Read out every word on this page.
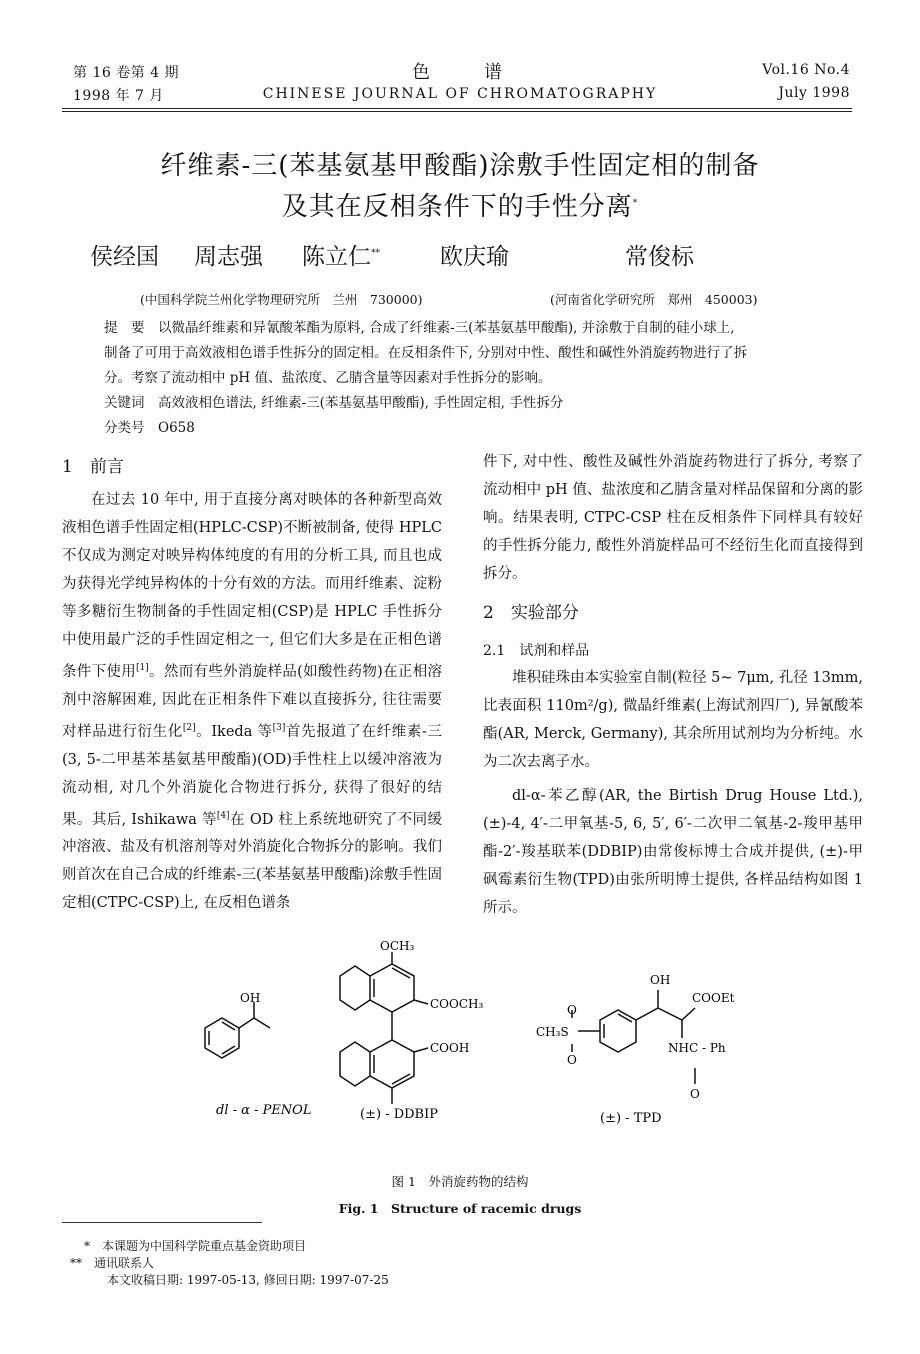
第 16 卷第 4 期
1998 年 7 月
色　　谱
CHINESE JOURNAL OF CHROMATOGRAPHY
Vol.16 No.4
July 1998
纤维素-三(苯基氨基甲酸酯)涂敷手性固定相的制备
及其在反相条件下的手性分离*
侯经国 周志强 陈立仁**	欧庆瑜	常俊标
(中国科学院兰州化学物理研究所　兰州　730000)	(河南省化学研究所　郑州　450003)
提　要　 以微晶纤维素和异氰酸苯酯为原料, 合成了纤维素-三(苯基氨基甲酸酯), 并涂敷于自制的硅小球上,
制备了可用于高效液相色谱手性拆分的固定相。在反相条件下, 分别对中性、酸性和碱性外消旋药物进行了拆
分。考察了流动相中 pH 值、盐浓度、乙腈含量等因素对手性拆分的影响。
关键词　 高效液相色谱法, 纤维素-三(苯基氨基甲酸酯), 手性固定相, 手性拆分
分类号　 O658
1　前言
在过去 10 年中, 用于直接分离对映体的各种新型高效液相色谱手性固定相(HPLC-CSP)不断被制备, 使得 HPLC 不仅成为测定对映异构体纯度的有用的分析工具, 而且也成为获得光学纯异构体的十分有效的方法。而用纤维素、淀粉等多糖衍生物制备的手性固定相(CSP)是 HPLC 手性拆分中使用最广泛的手性固定相之一, 但它们大多是在正相色谱条件下使用[1]。然而有些外消旋样品(如酸性药物)在正相溶剂中溶解困难, 因此在正相条件下难以直接拆分, 往往需要对样品进行衍生化[2]。Ikeda 等[3]首先报道了在纤维素-三(3, 5-二甲基苯基氨基甲酸酯)(OD)手性柱上以缓冲溶液为流动相, 对几个外消旋化合物进行拆分, 获得了很好的结果。其后, Ishikawa 等[4]在 OD 柱上系统地研究了不同缓冲溶液、盐及有机溶剂等对外消旋化合物拆分的影响。我们则首次在自己合成的纤维素-三(苯基氨基甲酸酯)涂敷手性固定相(CTPC-CSP)上, 在反相色谱条
件下, 对中性、酸性及碱性外消旋药物进行了拆分, 考察了流动相中 pH 值、盐浓度和乙腈含量对样品保留和分离的影响。结果表明, CTPC-CSP 柱在反相条件下同样具有较好的手性拆分能力, 酸性外消旋样品可不经衍生化而直接得到拆分。
2　实验部分
2.1　试剂和样品
堆积硅珠由本实验室自制(粒径 5~ 7μm, 孔径 13mm, 比表面积 110m²/g), 微晶纤维素(上海试剂四厂), 异氰酸苯酯(AR, Merck, Germany), 其余所用试剂均为分析纯。水为二次去离子水。
dl-α-苯乙醇(AR, the Birtish Drug House Ltd.), (±)-4, 4′-二甲氧基-5, 6, 5′, 6′-二次甲二氧基-2-羧甲基甲酯-2′-羧基联苯(DDBIP)由常俊标博士合成并提供, (±)-甲砜霉素衍生物(TPD)由张所明博士提供, 各样品结构如图 1 所示。
OH
dl - α - PENOL
OCH₃
COOCH₃
COOH
(±) - DDBIP
CH₃S
O
O
OH
COOEt
NHC - Ph
O
(±) - TPD
图 1　外消旋药物的结构
Fig. 1　Structure of racemic drugs
*　 本课题为中国科学院重点基金资助项目
**　 通讯联系人
本文收稿日期: 1997-05-13, 修回日期: 1997-07-25
